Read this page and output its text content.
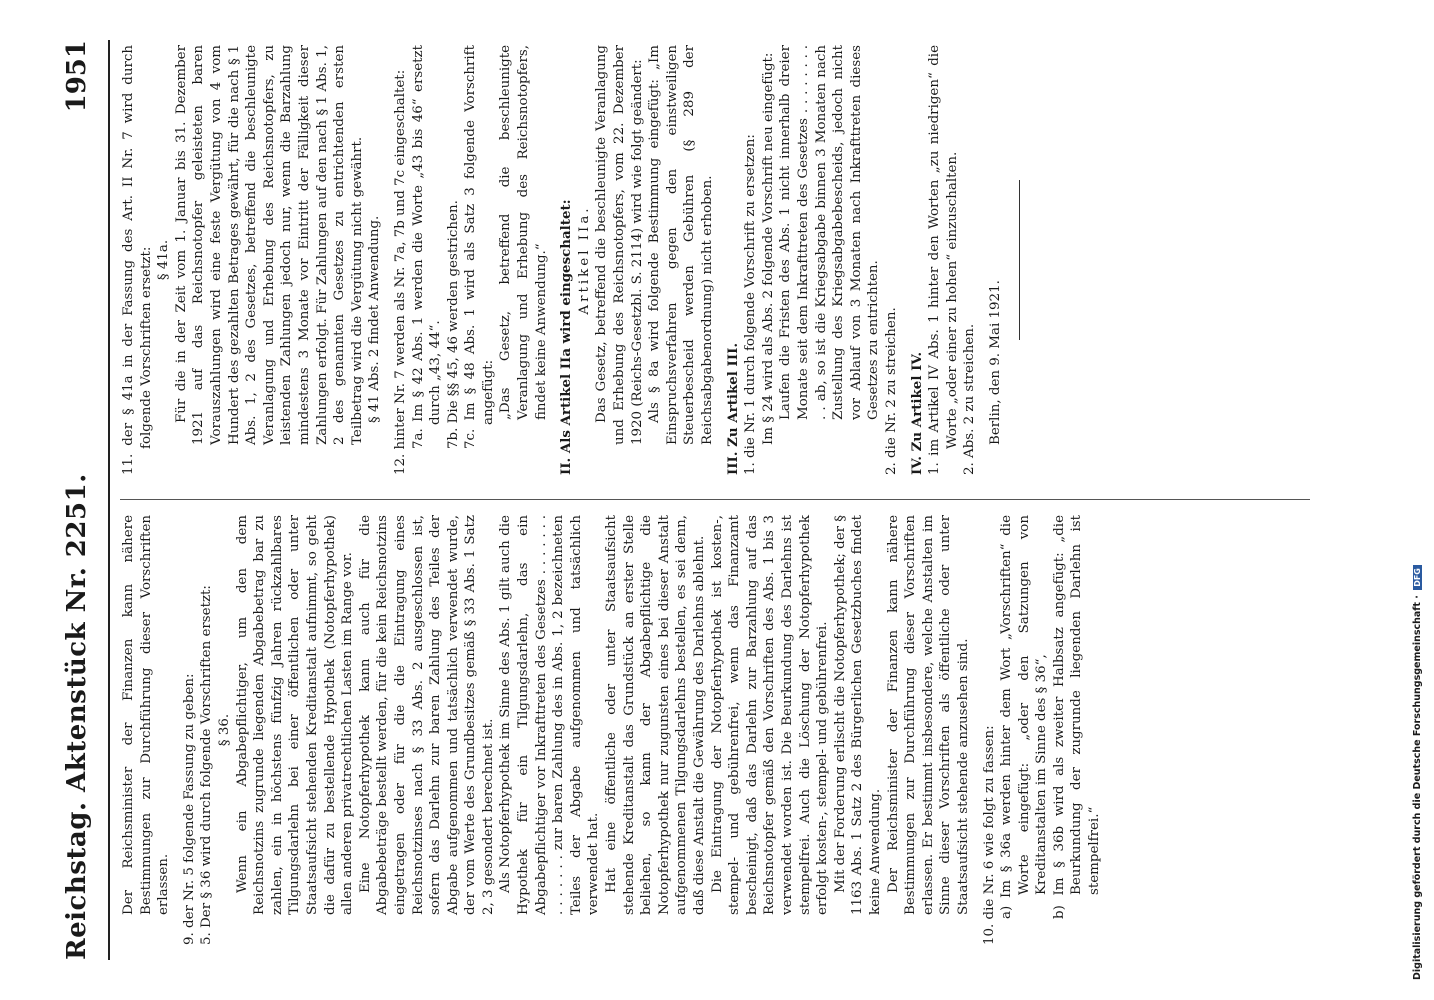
Reichstag. Aktenstück Nr. 2251.
1951
Der Reichsminister der Finanzen kann nähere Bestimmungen zur Durchführung dieser Vorschriften erlassen. 9. der Nr. 5 folgende Fassung zu geben: 5. Der § 36 wird durch folgende Vorschriften ersetzt: § 36. Wenn ein Abgabepflichtiger, um den dem Reichsnotzins zugrunde liegenden Abgabebetrag bar zu zahlen, ein in höchstens fünfzig Jahren rückzahlbares Tilgungsdarlehn bei einer öffentlichen oder unter Staatsaufsicht stehenden Kreditanstalt aufnimmt, so geht die dafür zu bestellende Hypothek (Notopferhypothek) allen anderen privatrechtlichen Lasten im Range vor. Eine Notopferhypothek kann auch für die Abgabebeträge bestellt werden, für die kein Reichsnotzins eingetragen oder für die die Eintragung eines Reichsnotzinses nach § 33 Abs. 2 ausgeschlossen ist, sofern das Darlehn zur baren Zahlung des Teiles der Abgabe aufgenommen und tatsächlich verwendet wurde, der vom Werte des Grundbesitzes gemäß § 33 Abs. 1 Satz 2, 3 gesondert berechnet ist. Als Notopferhypothek im Sinne des Abs. 1 gilt auch die Hypothek für ein Tilgungsdarlehn, das ein Abgabepflichtiger vor Inkrafttreten des Gesetzes . . . . . . . . . . . . . . zur baren Zahlung des in Abs. 1, 2 bezeichneten Teiles der Abgabe aufgenommen und tatsächlich verwendet hat. Hat eine öffentliche oder unter Staatsaufsicht stehende Kreditanstalt das Grundstück an erster Stelle beliehen, so kann der Abgabepflichtige die Notopferhypothek nur zugunsten eines bei dieser Anstalt aufgenommenen Tilgungsdarlehns bestellen, es sei denn, daß diese Anstalt die Gewährung des Darlehns ablehnt. Die Eintragung der Notopferhypothek ist kosten-, stempel- und gebührenfrei, wenn das Finanzamt bescheinigt, daß das Darlehn zur Barzahlung auf das Reichsnotopfer gemäß den Vorschriften des Abs. 1 bis 3 verwendet worden ist. Die Beurkundung des Darlehns ist stempelfrei. Auch die Löschung der Notopferhypothek erfolgt kosten-, stempel- und gebührenfrei. Mit der Forderung erlischt die Notopferhypothek; der § 1163 Abs. 1 Satz 2 des Bürgerlichen Gesetzbuches findet keine Anwendung. Der Reichsminister der Finanzen kann nähere Bestimmungen zur Durchführung dieser Vorschriften erlassen. Er bestimmt insbesondere, welche Anstalten im Sinne dieser Vorschriften als öffentliche oder unter Staatsaufsicht stehende anzusehen sind. 10. die Nr. 6 wie folgt zu fassen: a) Im § 36a werden hinter dem Wort „Vorschriften“ die Worte eingefügt: „oder den Satzungen von Kreditanstalten im Sinne des § 36“, b) Im § 36b wird als zweiter Halbsatz angefügt: „die Beurkundung der zugrunde liegenden Darlehn ist stempelfrei.“
11. der § 41a in der Fassung des Art. II Nr. 7 wird durch folgende Vorschriften ersetzt: § 41a. Für die in der Zeit vom 1. Januar bis 31. Dezember 1921 auf das Reichsnotopfer geleisteten baren Vorauszahlungen wird eine feste Vergütung von 4 vom Hundert des gezahlten Betrages gewährt, für die nach § 1 Abs. 1, 2 des Gesetzes, betreffend die beschleunigte Veranlagung und Erhebung des Reichsnotopfers, zu leistenden Zahlungen jedoch nur, wenn die Barzahlung mindestens 3 Monate vor Eintritt der Fälligkeit dieser Zahlungen erfolgt. Für Zahlungen auf den nach § 1 Abs. 1, 2 des genannten Gesetzes zu entrichtenden ersten Teilbetrag wird die Vergütung nicht gewährt. § 41 Abs. 2 findet Anwendung. 12. hinter Nr. 7 werden als Nr. 7a, 7b und 7c eingeschaltet: 7a. Im § 42 Abs. 1 werden die Worte „43 bis 46“ ersetzt durch „43, 44“. 7b. Die §§ 45, 46 werden gestrichen. 7c. Im § 48 Abs. 1 wird als Satz 3 folgende Vorschrift angefügt: „Das Gesetz, betreffend die beschleunigte Veranlagung und Erhebung des Reichsnotopfers, findet keine Anwendung.“ II. Als Artikel IIa wird eingeschaltet: Artikel IIa. Das Gesetz, betreffend die beschleunigte Veranlagung und Erhebung des Reichsnotopfers, vom 22. Dezember 1920 (Reichs-Gesetzbl. S. 2114) wird wie folgt geändert: Als § 8a wird folgende Bestimmung eingefügt: „Im Einspruchsverfahren gegen den einstweiligen Steuerbescheid werden Gebühren (§ 289 der Reichsabgabenordnung) nicht erhoben. III. Zu Artikel III. 1. die Nr. 1 durch folgende Vorschrift zu ersetzen: Im § 24 wird als Abs. 2 folgende Vorschrift neu eingefügt: Laufen die Fristen des Abs. 1 nicht innerhalb dreier Monate seit dem Inkrafttreten des Gesetzes . . . . . . . . . . ab, so ist die Kriegsabgabe binnen 3 Monaten nach Zustellung des Kriegsabgabebescheids, jedoch nicht vor Ablauf von 3 Monaten nach Inkrafttreten dieses Gesetzes zu entrichten. 2. die Nr. 2 zu streichen. IV. Zu Artikel IV. 1. im Artikel IV Abs. 1 hinter den Worten „zu niedrigen“ die Worte „oder einer zu hohen“ einzuschalten. 2. Abs. 2 zu streichen. Berlin, den 9. Mai 1921.
Digitalisierung gefördert durch die Deutsche Forschungsgemeinschaft · DFG
